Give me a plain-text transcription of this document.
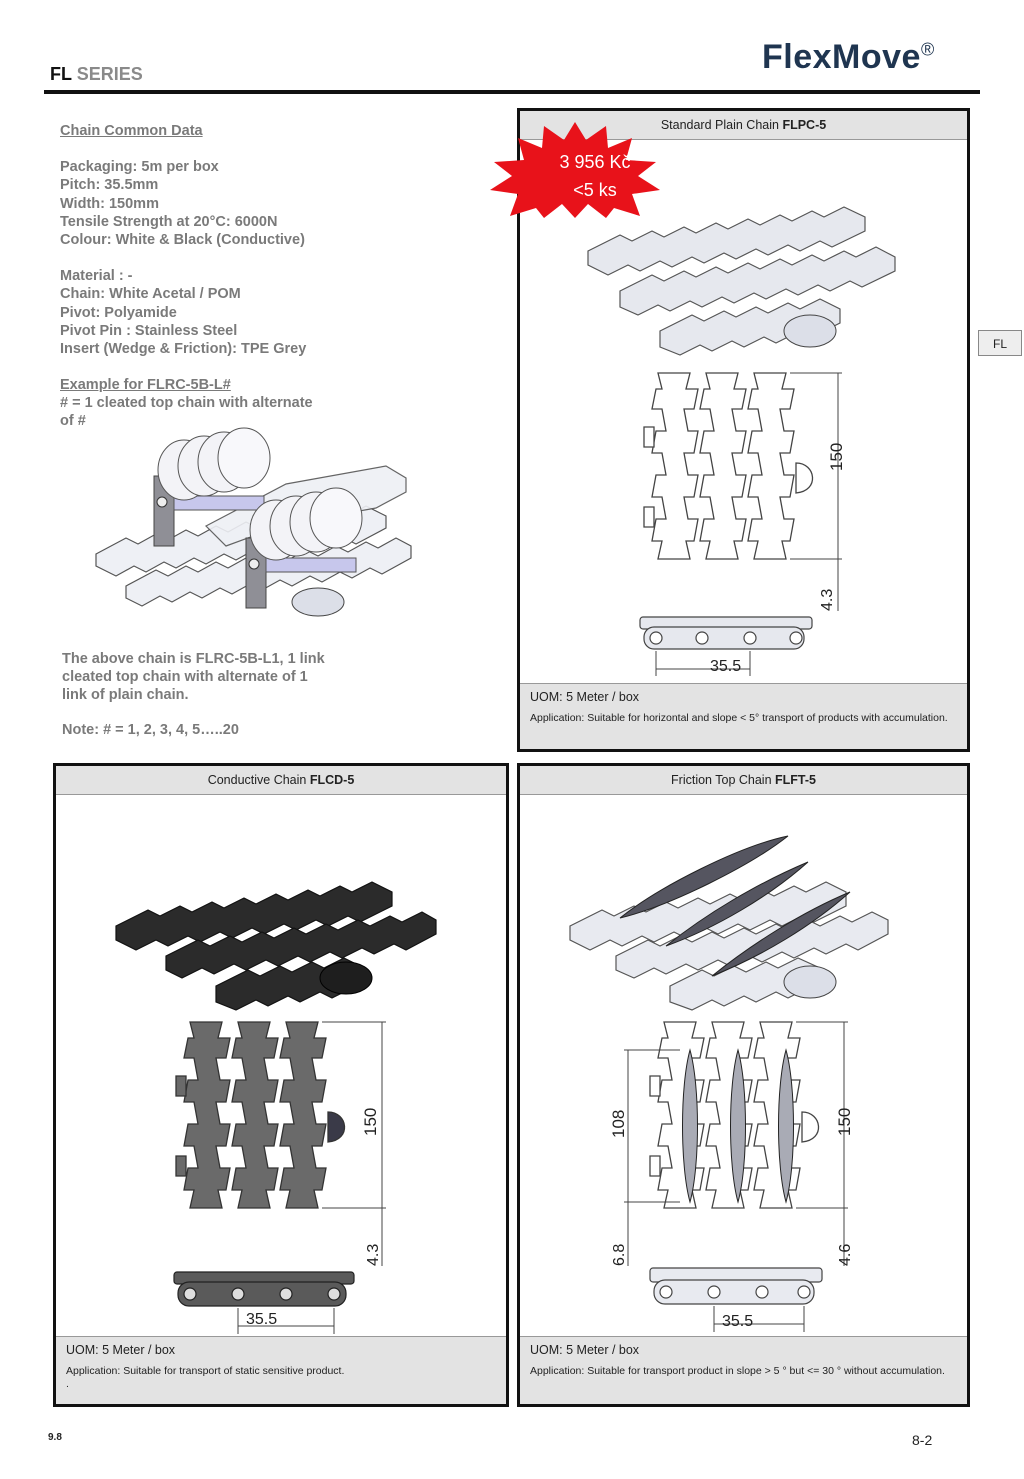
FL SERIES	FlexMove®
Chain Common Data
Packaging: 5m per box
Pitch: 35.5mm
Width: 150mm
Tensile Strength at 20°C: 6000N
Colour: White & Black (Conductive)
Material : -
Chain: White Acetal / POM
Pivot: Polyamide
Pivot Pin : Stainless Steel
Insert (Wedge & Friction): TPE Grey
Example for FLRC-5B-L#
# = 1 cleated top chain with alternate
of #
The above chain is FLRC-5B-L1, 1 link
cleated top chain with alternate of 1
link of plain chain.
Note: # = 1, 2, 3, 4, 5…..20
FL
Standard Plain Chain FLPC-5
150
4.3
35.5
UOM: 5 Meter / box
Application: Suitable for horizontal and slope < 5° transport of products with accumulation.
3 956 Kč
<5 ks
Conductive Chain FLCD-5
150
4.3
35.5
UOM: 5 Meter / box
Application: Suitable for transport of static sensitive product.
.
Friction Top Chain FLFT-5
108	150
6.8	4.6
35.5
UOM: 5 Meter / box
Application: Suitable for transport product in slope > 5 ° but <= 30 ° without accumulation.
9.8	8-2
